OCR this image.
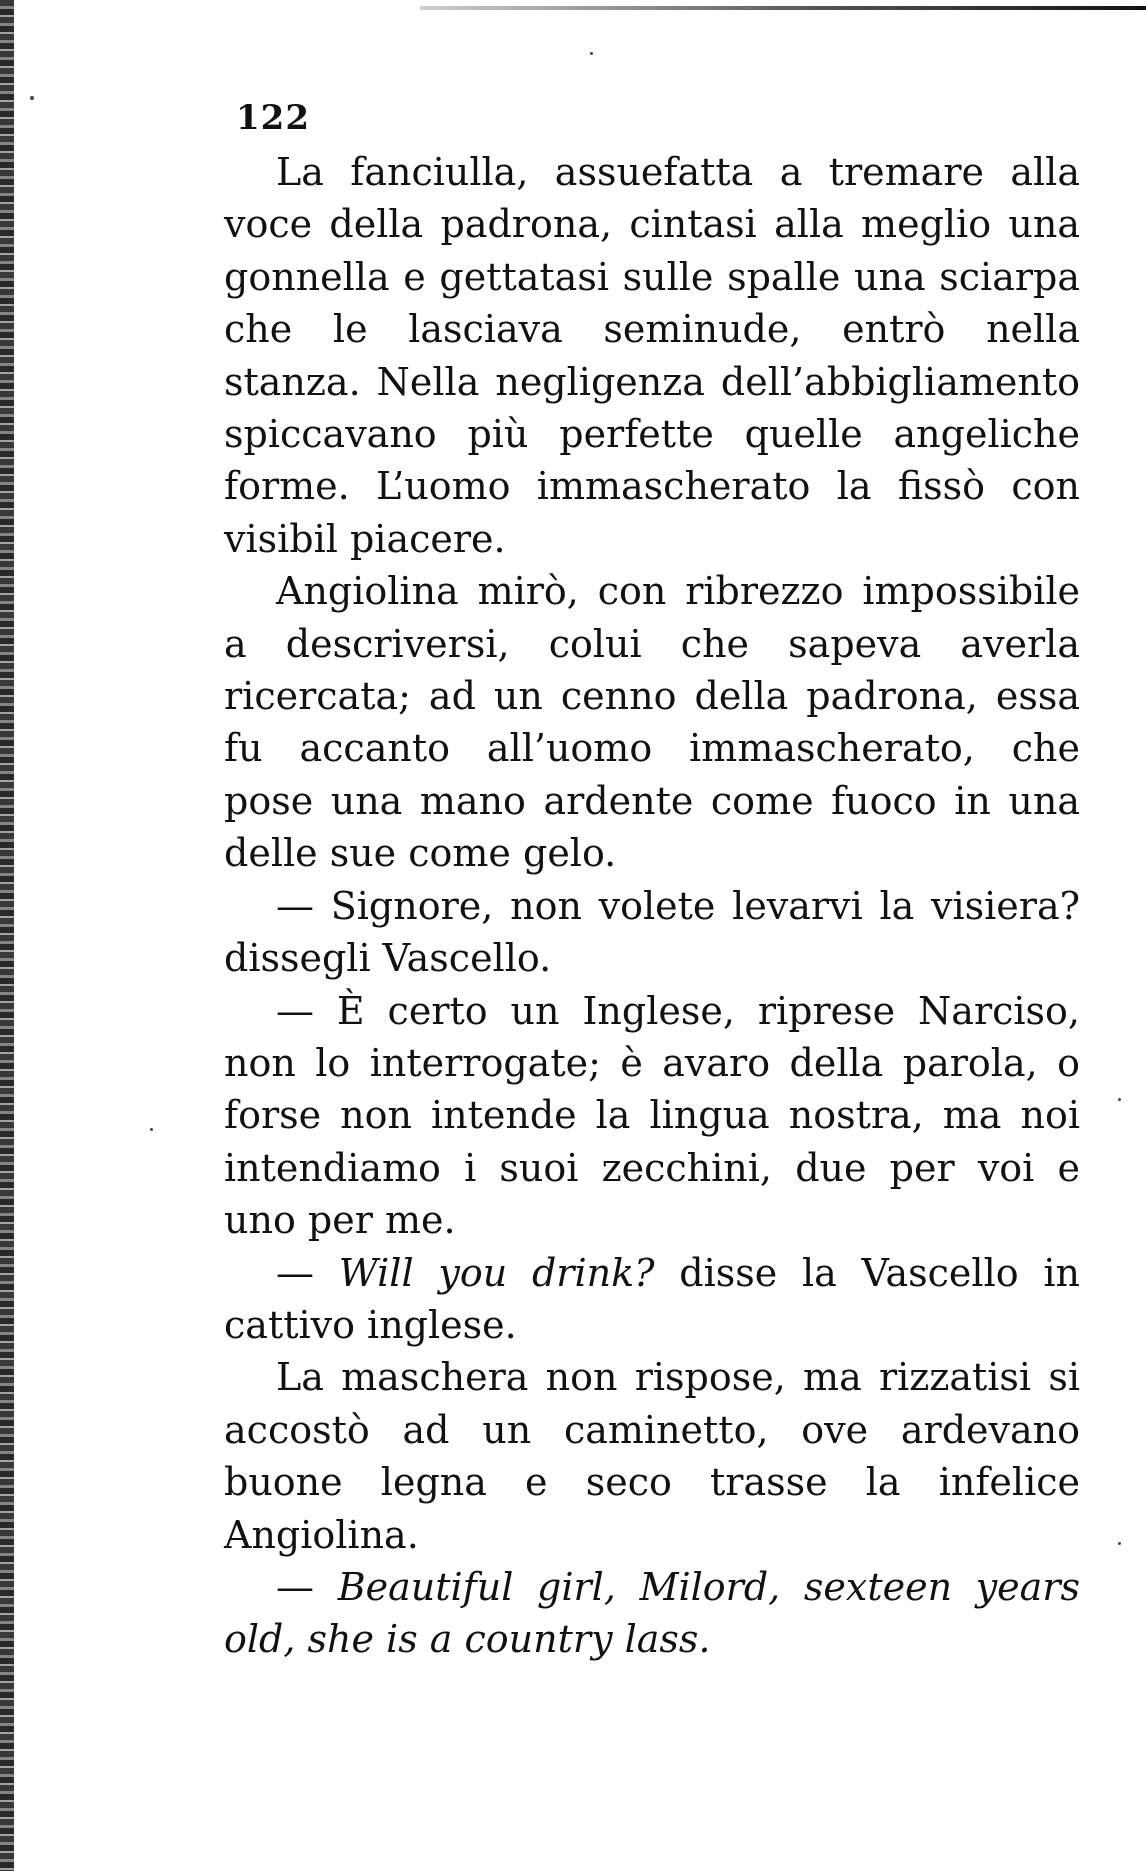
122

La fanciulla, assuefatta a tremare alla voce della padrona, cintasi alla meglio una gonnella e gettatasi sulle spalle una sciarpa che le lasciava seminude, entrò nella stanza. Nella negligenza dell’abbigliamento spiccavano più perfette quelle angeliche forme. L’uomo immascherato la fissò con visibil piacere.

Angiolina mirò, con ribrezzo impossibile a descriversi, colui che sapeva averla ricercata; ad un cenno della padrona, essa fu accanto all’uomo immascherato, che pose una mano ardente come fuoco in una delle sue come gelo.

— Signore, non volete levarvi la visiera? dissegli Vascello.

— È certo un Inglese, riprese Narciso, non lo interrogate; è avaro della parola, o forse non intende la lingua nostra, ma noi intendiamo i suoi zecchini, due per voi e uno per me.

— Will you drink? disse la Vascello in cattivo inglese.

La maschera non rispose, ma rizzatisi si accostò ad un caminetto, ove ardevano buone legna e seco trasse la infelice Angiolina.

— Beautiful girl, Milord, sexteen years old, she is a country lass.
